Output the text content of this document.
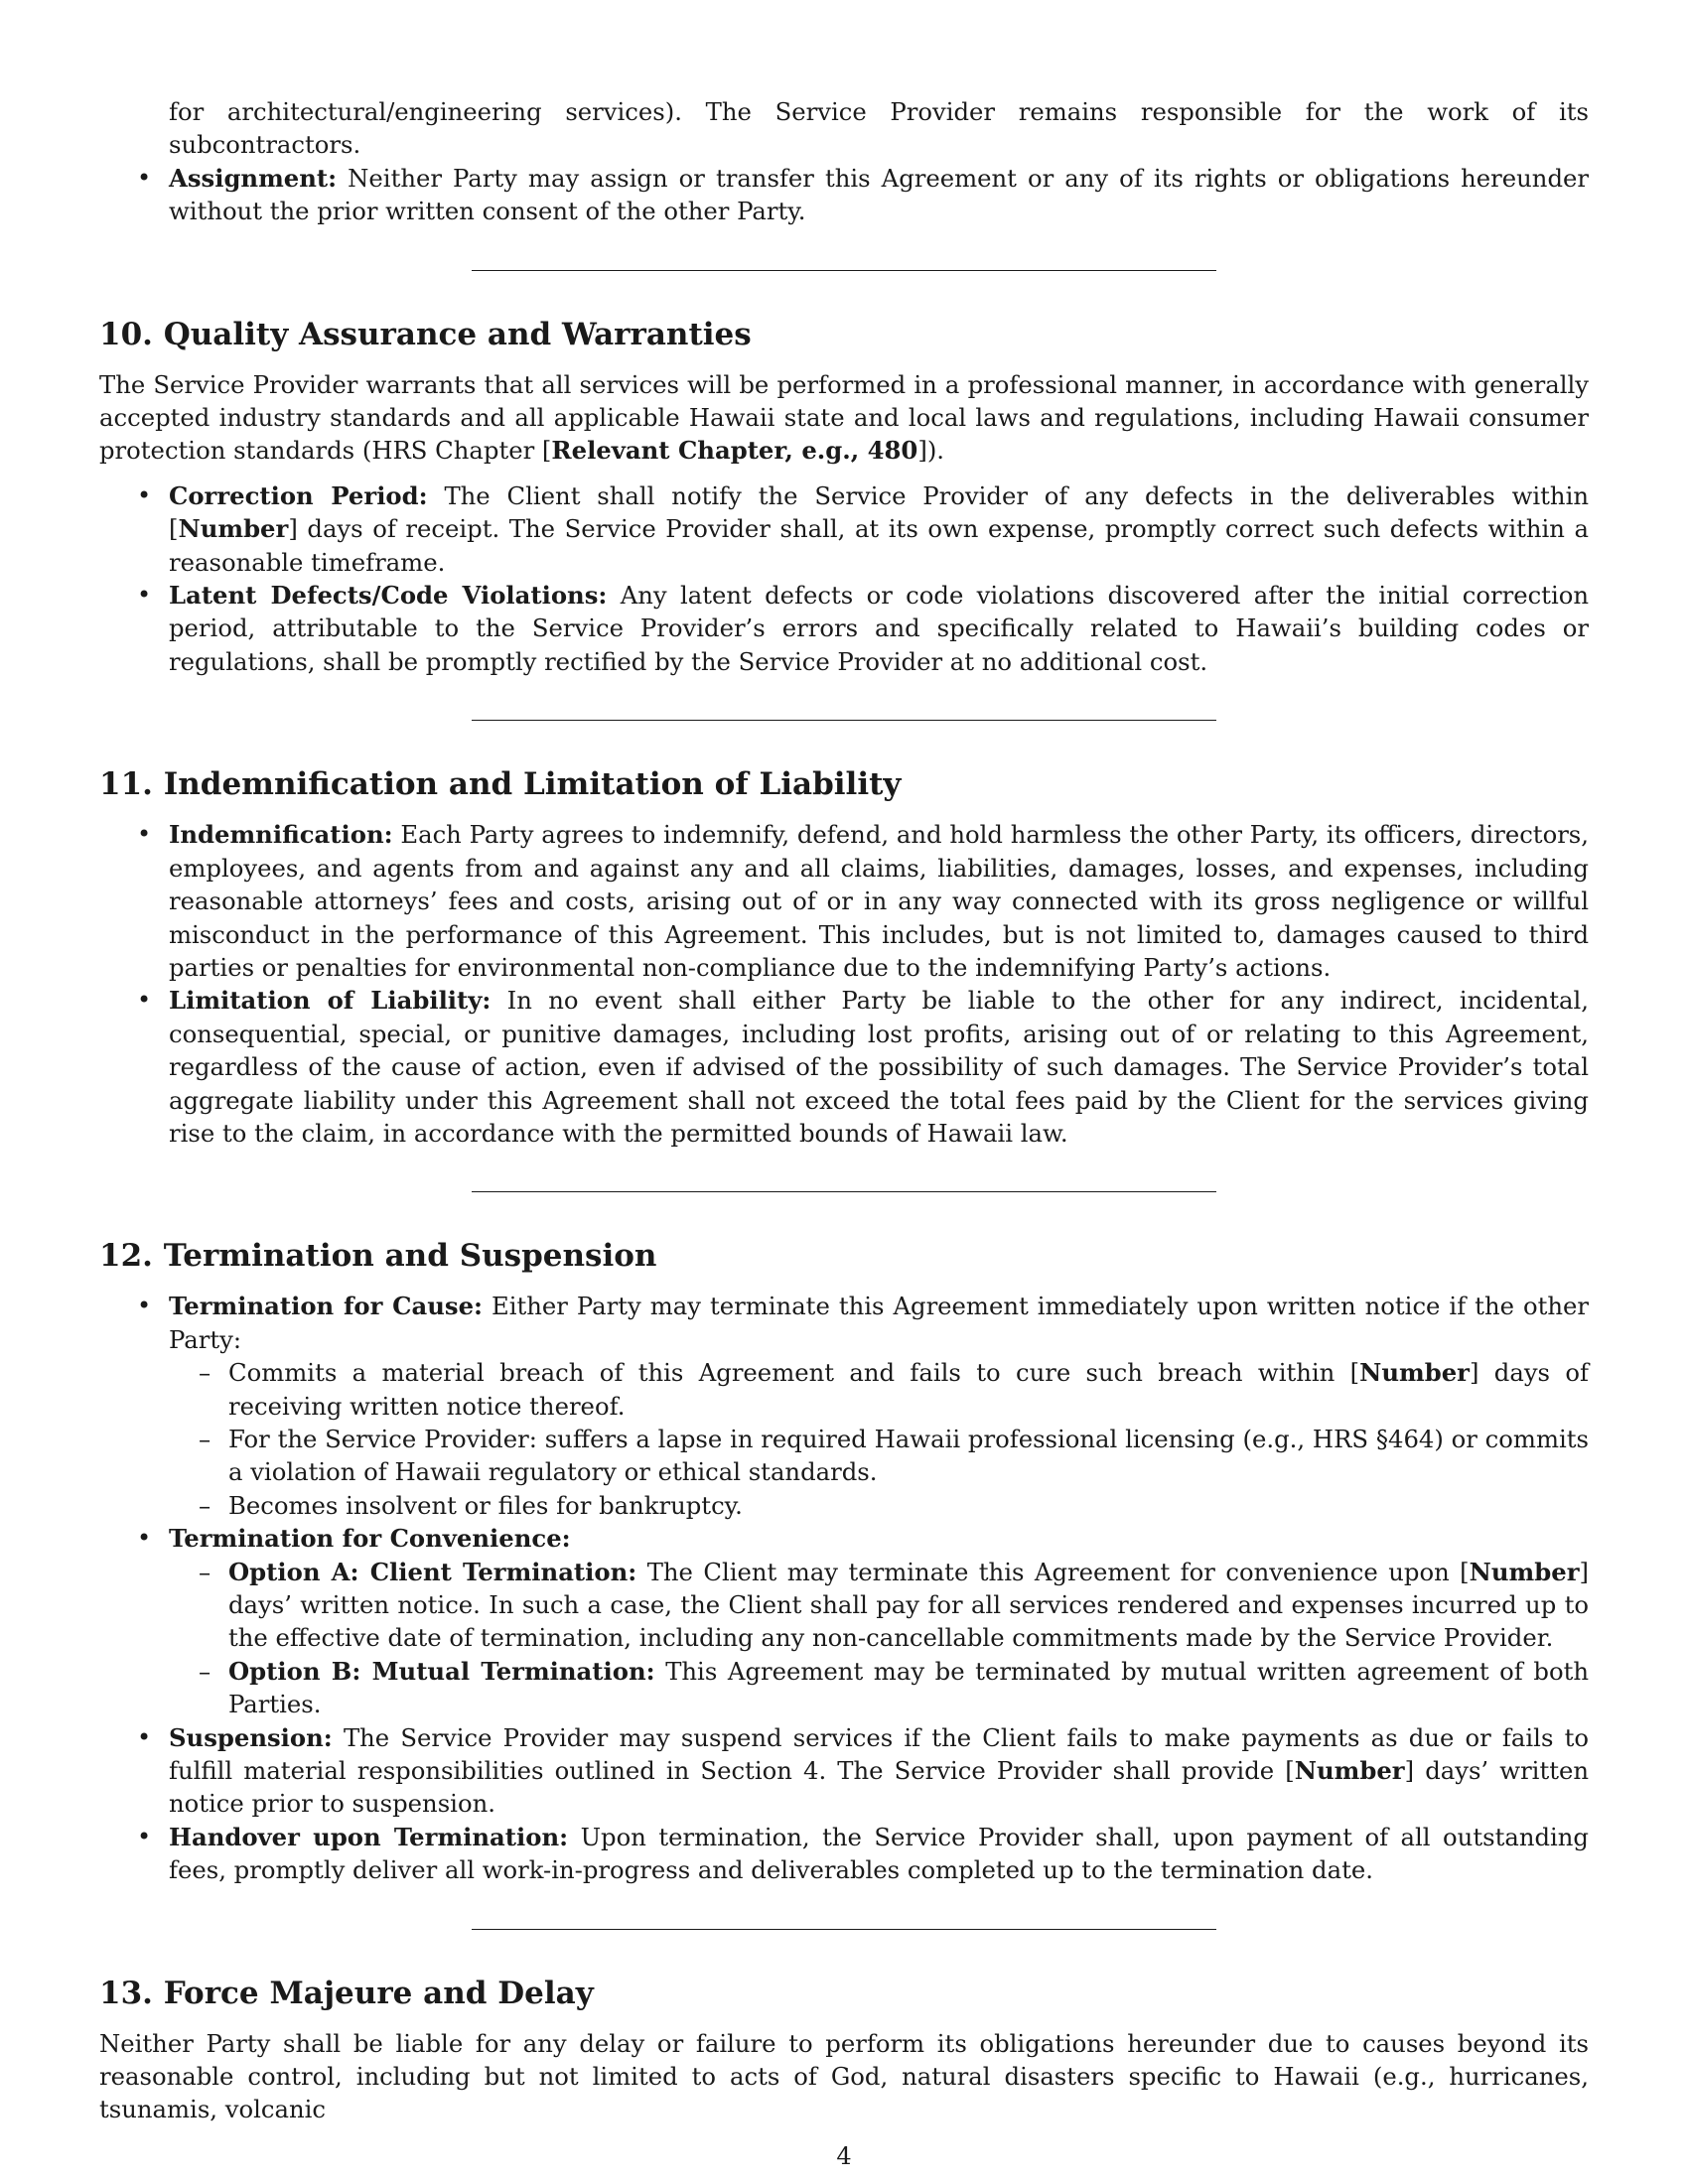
for architectural/engineering services). The Service Provider remains responsible for the work of its subcontractors.
• Assignment: Neither Party may assign or transfer this Agreement or any of its rights or obligations hereunder without the prior written consent of the other Party.
10. Quality Assurance and Warranties

The Service Provider warrants that all services will be performed in a professional manner, in accordance with generally accepted industry standards and all applicable Hawaii state and local laws and regulations, including Hawaii consumer protection standards (HRS Chapter [Relevant Chapter, e.g., 480]).

• Correction Period: The Client shall notify the Service Provider of any defects in the deliverables within [Number] days of receipt. The Service Provider shall, at its own expense, promptly correct such defects within a reasonable timeframe.
• Latent Defects/Code Violations: Any latent defects or code violations discovered after the initial correction period, attributable to the Service Provider’s errors and specifically related to Hawaii’s building codes or regulations, shall be promptly rectified by the Service Provider at no additional cost.
11. Indemnification and Limitation of Liability
• Indemnification: Each Party agrees to indemnify, defend, and hold harmless the other Party, its officers, directors, employees, and agents from and against any and all claims, liabilities, damages, losses, and expenses, including reasonable attorneys’ fees and costs, arising out of or in any way connected with its gross negligence or willful misconduct in the performance of this Agreement. This includes, but is not limited to, damages caused to third parties or penalties for environmental non-compliance due to the indemnifying Party’s actions.
• Limitation of Liability: In no event shall either Party be liable to the other for any indirect, incidental, consequential, special, or punitive damages, including lost profits, arising out of or relating to this Agreement, regardless of the cause of action, even if advised of the possibility of such damages. The Service Provider’s total aggregate liability under this Agreement shall not exceed the total fees paid by the Client for the services giving rise to the claim, in accordance with the permitted bounds of Hawaii law.
12. Termination and Suspension
• Termination for Cause: Either Party may terminate this Agreement immediately upon written notice if the other Party:
– Commits a material breach of this Agreement and fails to cure such breach within [Number] days of receiving written notice thereof.
– For the Service Provider: suffers a lapse in required Hawaii professional licensing (e.g., HRS §464) or commits a violation of Hawaii regulatory or ethical standards.
– Becomes insolvent or files for bankruptcy.
• Termination for Convenience:
– Option A: Client Termination: The Client may terminate this Agreement for convenience upon [Number] days’ written notice. In such a case, the Client shall pay for all services rendered and expenses incurred up to the effective date of termination, including any non-cancellable commitments made by the Service Provider.
– Option B: Mutual Termination: This Agreement may be terminated by mutual written agreement of both Parties.
• Suspension: The Service Provider may suspend services if the Client fails to make payments as due or fails to fulfill material responsibilities outlined in Section 4. The Service Provider shall provide [Number] days’ written notice prior to suspension.
• Handover upon Termination: Upon termination, the Service Provider shall, upon payment of all outstanding fees, promptly deliver all work-in-progress and deliverables completed up to the termination date.
13. Force Majeure and Delay

Neither Party shall be liable for any delay or failure to perform its obligations hereunder due to causes beyond its reasonable control, including but not limited to acts of God, natural disasters specific to Hawaii (e.g., hurricanes, tsunamis, volcanic

4
